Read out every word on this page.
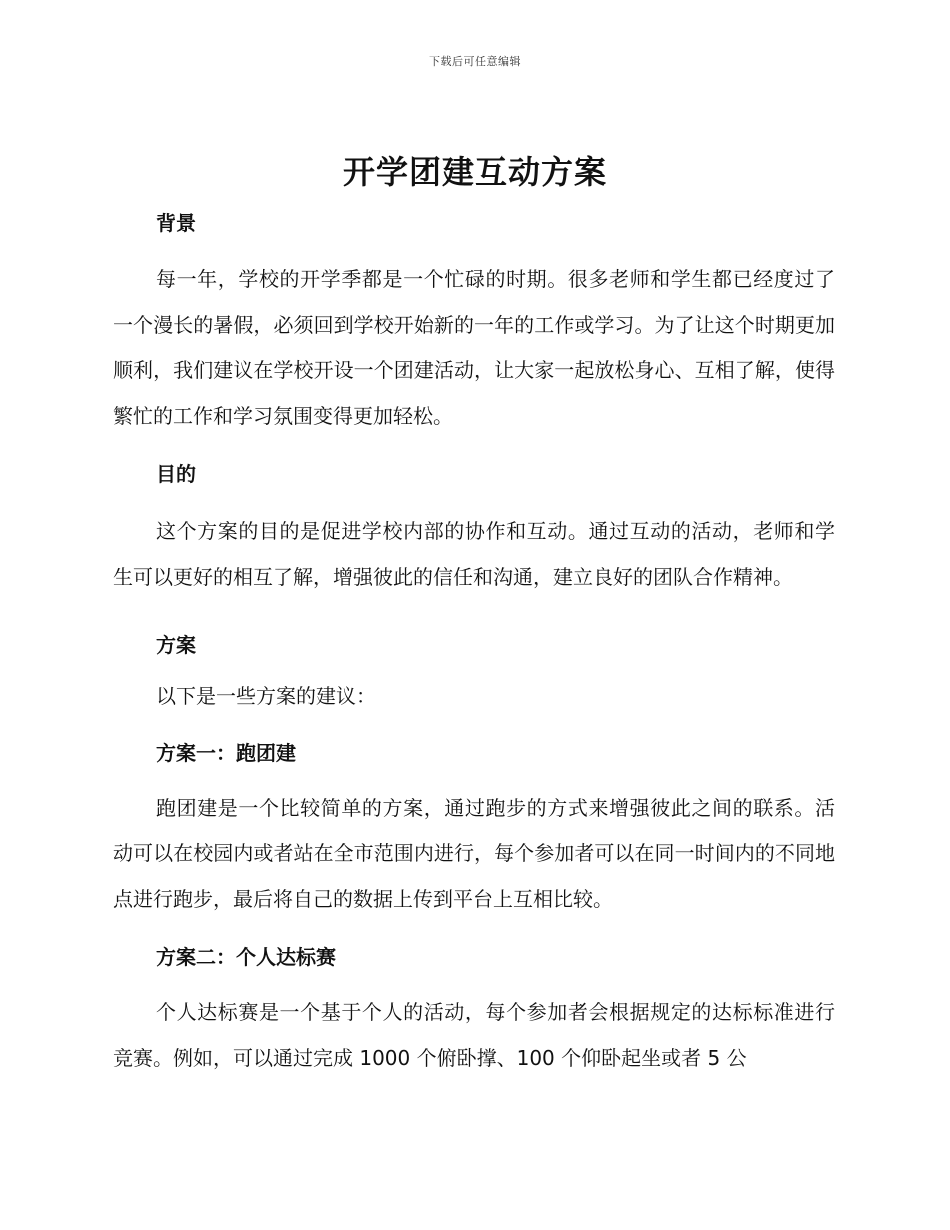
下载后可任意编辑
开学团建互动方案

背景

每一年，学校的开学季都是一个忙碌的时期。很多老师和学生都已经度过了一个漫长的暑假，必须回到学校开始新的一年的工作或学习。为了让这个时期更加顺利，我们建议在学校开设一个团建活动，让大家一起放松身心、互相了解，使得繁忙的工作和学习氛围变得更加轻松。

目的

这个方案的目的是促进学校内部的协作和互动。通过互动的活动，老师和学生可以更好的相互了解，增强彼此的信任和沟通，建立良好的团队合作精神。

方案

以下是一些方案的建议：

方案一：跑团建

跑团建是一个比较简单的方案，通过跑步的方式来增强彼此之间的联系。活动可以在校园内或者站在全市范围内进行，每个参加者可以在同一时间内的不同地点进行跑步，最后将自己的数据上传到平台上互相比较。

方案二：个人达标赛

个人达标赛是一个基于个人的活动，每个参加者会根据规定的达标标准进行竞赛。例如，可以通过完成 1000 个俯卧撑、100 个仰卧起坐或者 5 公
